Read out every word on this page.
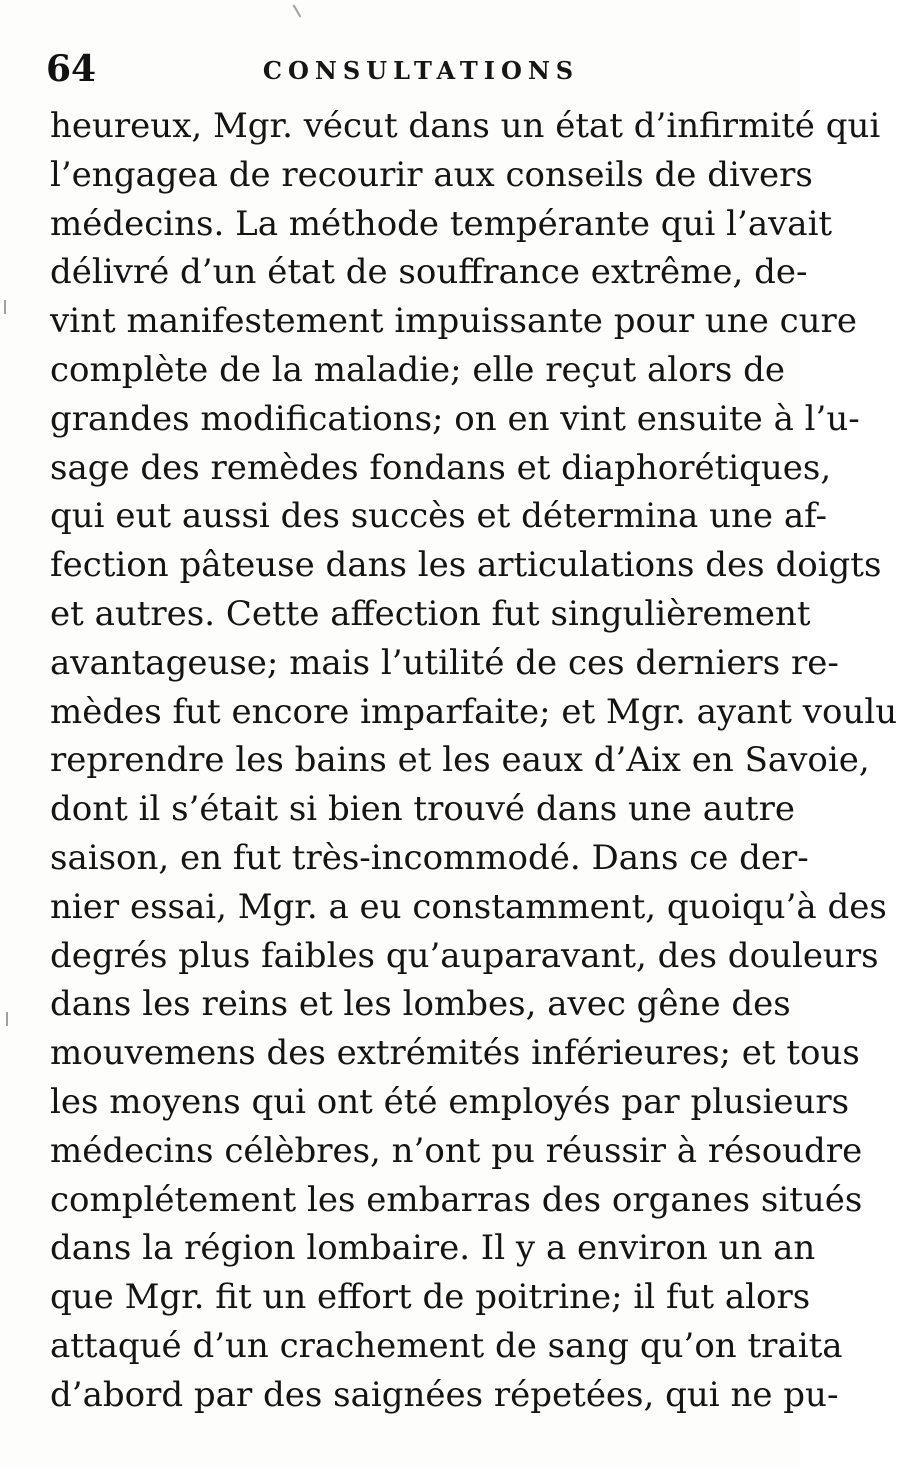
64	CONSULTATIONS
heureux, Mgr. vécut dans un état d’infirmité qui
l’engagea de recourir aux conseils de divers
médecins. La méthode tempérante qui l’avait
délivré d’un état de souffrance extrême, de-
vint manifestement impuissante pour une cure
complète de la maladie; elle reçut alors de
grandes modifications; on en vint ensuite à l’u-
sage des remèdes fondans et diaphorétiques,
qui eut aussi des succès et détermina une af-
fection pâteuse dans les articulations des doigts
et autres. Cette affection fut singulièrement
avantageuse; mais l’utilité de ces derniers re-
mèdes fut encore imparfaite; et Mgr. ayant voulu
reprendre les bains et les eaux d’Aix en Savoie,
dont il s’était si bien trouvé dans une autre
saison, en fut très-incommodé. Dans ce der-
nier essai, Mgr. a eu constamment, quoiqu’à des
degrés plus faibles qu’auparavant, des douleurs
dans les reins et les lombes, avec gêne des
mouvemens des extrémités inférieures; et tous
les moyens qui ont été employés par plusieurs
médecins célèbres, n’ont pu réussir à résoudre
complétement les embarras des organes situés
dans la région lombaire. Il y a environ un an
que Mgr. fit un effort de poitrine; il fut alors
attaqué d’un crachement de sang qu’on traita
d’abord par des saignées répetées, qui ne pu-
